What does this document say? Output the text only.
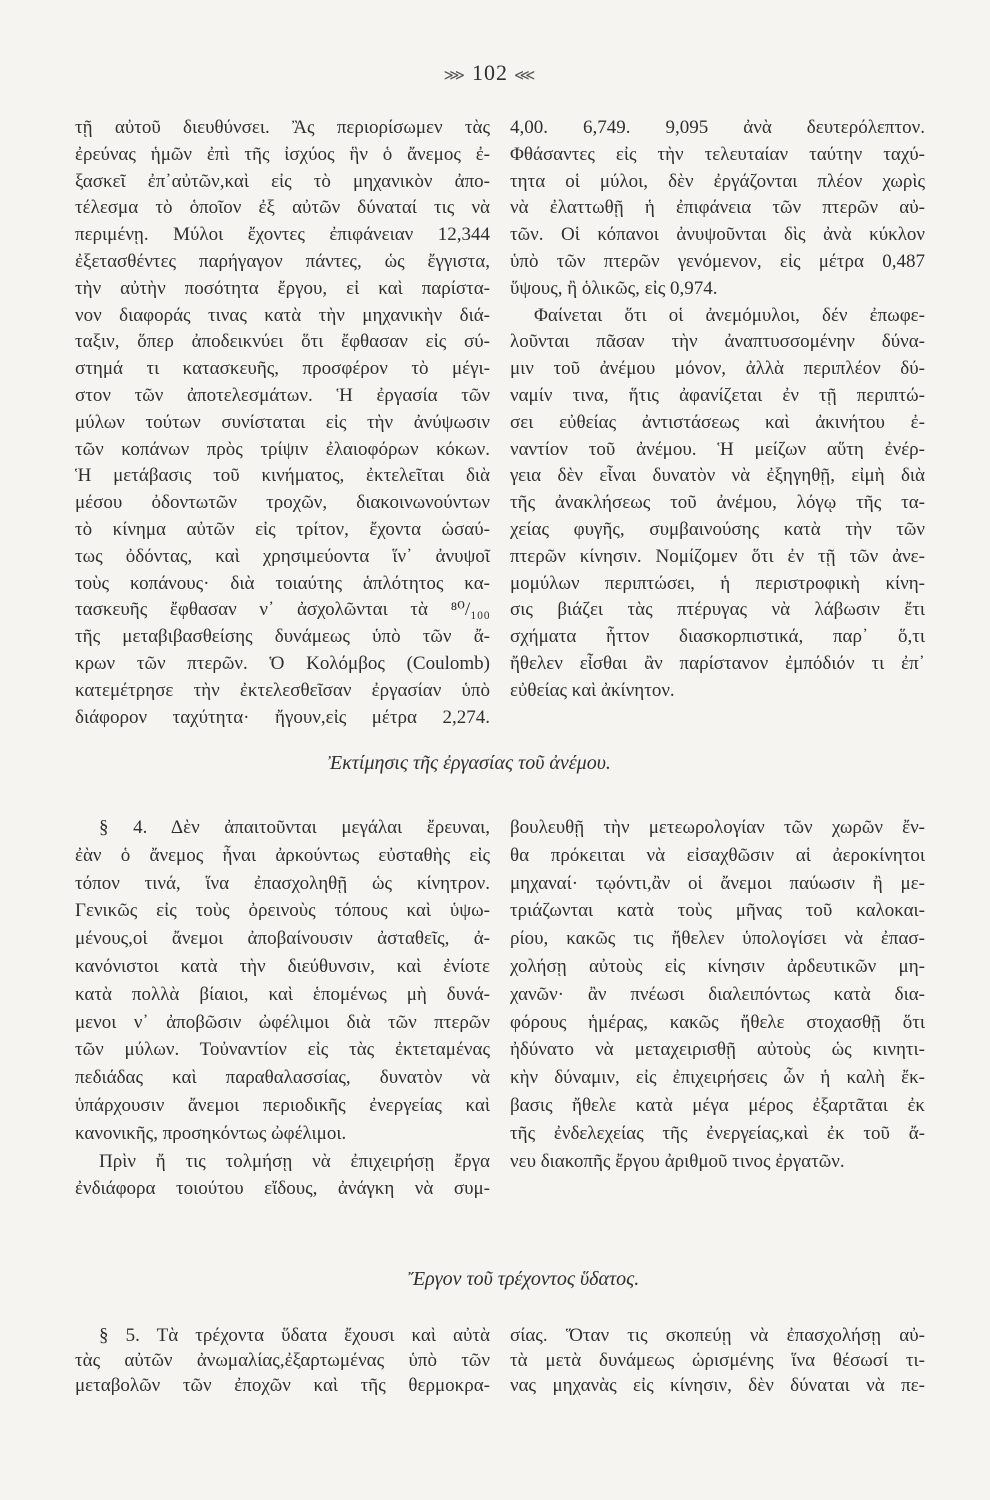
⋙ 102 ⋘
τῇ αὐτοῦ διευθύνσει. Ἂς περιορίσωμεν τὰς
ἐρεύνας ἡμῶν ἐπὶ τῆς ἰσχύος ἣν ὁ ἄνεμος ἐ-
ξασκεῖ ἐπ᾽αὐτῶν,καὶ εἰς τὸ μηχανικὸν ἀπο-
τέλεσμα τὸ ὁποῖον ἐξ αὐτῶν δύναταί τις νὰ
περιμένῃ. Μύλοι ἔχοντες ἐπιφάνειαν 12,344
ἐξετασθέντες παρήγαγον πάντες, ὡς ἔγγιστα,
τὴν αὐτὴν ποσότητα ἔργου, εἰ καὶ παρίστα-
νον διαφοράς τινας κατὰ τὴν μηχανικὴν διά-
ταξιν, ὅπερ ἀποδεικνύει ὅτι ἔφθασαν εἰς σύ-
στημά τι κατασκευῆς, προσφέρον τὸ μέγι-
στον τῶν ἀποτελεσμάτων. Ἡ ἐργασία τῶν
μύλων τούτων συνίσταται εἰς τὴν ἀνύψωσιν
τῶν κοπάνων πρὸς τρίψιν ἐλαιοφόρων κόκων.
Ἡ μετάβασις τοῦ κινήματος, ἐκτελεῖται διὰ
μέσου ὀδοντωτῶν τροχῶν, διακοινωνούντων
τὸ κίνημα αὐτῶν εἰς τρίτον, ἔχοντα ὡσαύ-
τως ὀδόντας, καὶ χρησιμεύοντα ἵν᾽ ἀνυψοῖ
τοὺς κοπάνους· διὰ τοιαύτης ἁπλότητος κα-
τασκευῆς ἔφθασαν ν᾽ ἀσχολῶνται τὰ ⁸⁰/₁₀₀
τῆς μεταβιβασθείσης δυνάμεως ὑπὸ τῶν ἄ-
κρων τῶν πτερῶν. Ὁ Κολόμβος (Coulomb)
κατεμέτρησε τὴν ἐκτελεσθεῖσαν ἐργασίαν ὑπὸ
διάφορον ταχύτητα· ἤγουν,εἰς μέτρα 2,274.
4,00. 6,749. 9,095 ἀνὰ δευτερόλεπτον.
Φθάσαντες εἰς τὴν τελευταίαν ταύτην ταχύ-
τητα οἱ μύλοι, δὲν ἐργάζονται πλέον χωρὶς
νὰ ἐλαττωθῇ ἡ ἐπιφάνεια τῶν πτερῶν αὐ-
τῶν. Οἱ κόπανοι ἀνυψοῦνται δὶς ἀνὰ κύκλον
ὑπὸ τῶν πτερῶν γενόμενον, εἰς μέτρα 0,487
ὕψους, ἢ ὁλικῶς, εἰς 0,974.
Φαίνεται ὅτι οἱ ἀνεμόμυλοι, δέν ἐπωφε-
λοῦνται πᾶσαν τὴν ἀναπτυσσομένην δύνα-
μιν τοῦ ἀνέμου μόνον, ἀλλὰ περιπλέον δύ-
ναμίν τινα, ἥτις ἀφανίζεται ἐν τῇ περιπτώ-
σει εὐθείας ἀντιστάσεως καὶ ἀκινήτου ἐ-
ναντίον τοῦ ἀνέμου. Ἡ μείζων αὕτη ἐνέρ-
γεια δὲν εἶναι δυνατὸν νὰ ἐξηγηθῇ, εἰμὴ διὰ
τῆς ἀνακλήσεως τοῦ ἀνέμου, λόγῳ τῆς τα-
χείας φυγῆς, συμβαινούσης κατὰ τὴν τῶν
πτερῶν κίνησιν. Νομίζομεν ὅτι ἐν τῇ τῶν ἀνε-
μομύλων περιπτώσει, ἡ περιστροφικὴ κίνη-
σις βιάζει τὰς πτέρυγας νὰ λάβωσιν ἔτι
σχήματα ἧττον διασκορπιστικά, παρ᾽ ὅ,τι
ἤθελεν εἶσθαι ἂν παρίστανον ἐμπόδιόν τι ἐπ᾽
εὐθείας καὶ ἀκίνητον.
Ἐκτίμησις τῆς ἐργασίας τοῦ ἀνέμου.
§ 4. Δὲν ἀπαιτοῦνται μεγάλαι ἔρευναι,
ἐὰν ὁ ἄνεμος ἦναι ἀρκούντως εὐσταθὴς εἰς
τόπον τινά, ἵνα ἐπασχοληθῇ ὡς κίνητρον.
Γενικῶς εἰς τοὺς ὀρεινοὺς τόπους καὶ ὑψω-
μένους,οἱ ἄνεμοι ἀποβαίνουσιν ἀσταθεῖς, ἀ-
κανόνιστοι κατὰ τὴν διεύθυνσιν, καὶ ἐνίοτε
κατὰ πολλὰ βίαιοι, καὶ ἑπομένως μὴ δυνά-
μενοι ν᾽ ἀποβῶσιν ὠφέλιμοι διὰ τῶν πτερῶν
τῶν μύλων. Τοὐναντίον εἰς τὰς ἐκτεταμένας
πεδιάδας καὶ παραθαλασσίας, δυνατὸν νὰ
ὑπάρχουσιν ἄνεμοι περιοδικῆς ἐνεργείας καὶ
κανονικῆς, προσηκόντως ὠφέλιμοι.
Πρὶν ἤ τις τολμήσῃ νὰ ἐπιχειρήσῃ ἔργα
ἐνδιάφορα τοιούτου εἴδους, ἀνάγκη νὰ συμ-
βουλευθῇ τὴν μετεωρολογίαν τῶν χωρῶν ἔν-
θα πρόκειται νὰ εἰσαχθῶσιν αἱ ἀεροκίνητοι
μηχαναί· τῳόντι,ἂν οἱ ἄνεμοι παύωσιν ἢ με-
τριάζωνται κατὰ τοὺς μῆνας τοῦ καλοκαι-
ρίου, κακῶς τις ἤθελεν ὑπολογίσει νὰ ἐπασ-
χολήσῃ αὐτοὺς εἰς κίνησιν ἀρδευτικῶν μη-
χανῶν· ἂν πνέωσι διαλειπόντως κατὰ δια-
φόρους ἡμέρας, κακῶς ἤθελε στοχασθῇ ὅτι
ἠδύνατο νὰ μεταχειρισθῇ αὐτοὺς ὡς κινητι-
κὴν δύναμιν, εἰς ἐπιχειρήσεις ὧν ἡ καλὴ ἔκ-
βασις ἤθελε κατὰ μέγα μέρος ἐξαρτᾶται ἐκ
τῆς ἐνδελεχείας τῆς ἐνεργείας,καὶ ἐκ τοῦ ἄ-
νευ διακοπῆς ἔργου ἀριθμοῦ τινος ἐργατῶν.
Ἔργον τοῦ τρέχοντος ὕδατος.
§ 5. Τὰ τρέχοντα ὕδατα ἔχουσι καὶ αὐτὰ
τὰς αὐτῶν ἀνωμαλίας,ἐξαρτωμένας ὑπὸ τῶν
μεταβολῶν τῶν ἐποχῶν καὶ τῆς θερμοκρα-
σίας. Ὅταν τις σκοπεύῃ νὰ ἐπασχολήσῃ αὐ-
τὰ μετὰ δυνάμεως ὡρισμένης ἵνα θέσωσί τι-
νας μηχανὰς εἰς κίνησιν, δὲν δύναται νὰ πε-
